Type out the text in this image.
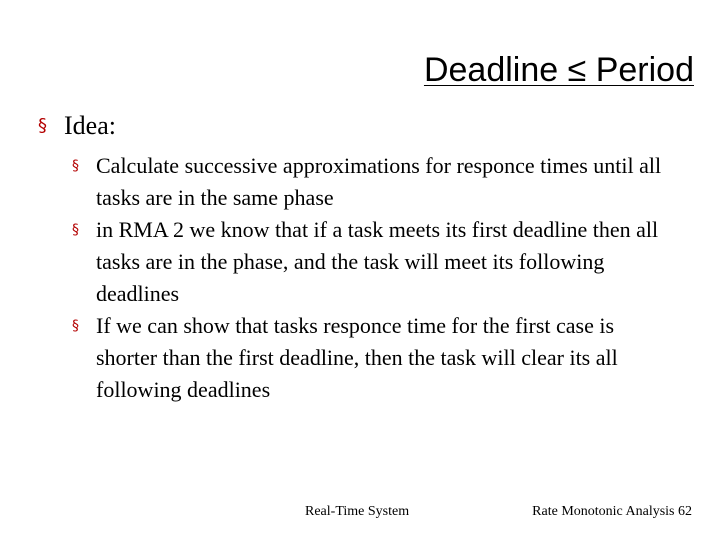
Deadline ≤ Period
§ Idea:
§ Calculate successive approximations for responce times until all tasks are in the same phase
§ in RMA 2 we know that if a task meets its first deadline then all tasks are in the phase, and the task will meet its following deadlines
§ If we can show that tasks responce time for the first case is shorter than the first deadline, then the task will clear its all following deadlines
Real-Time System	Rate Monotonic Analysis 62
